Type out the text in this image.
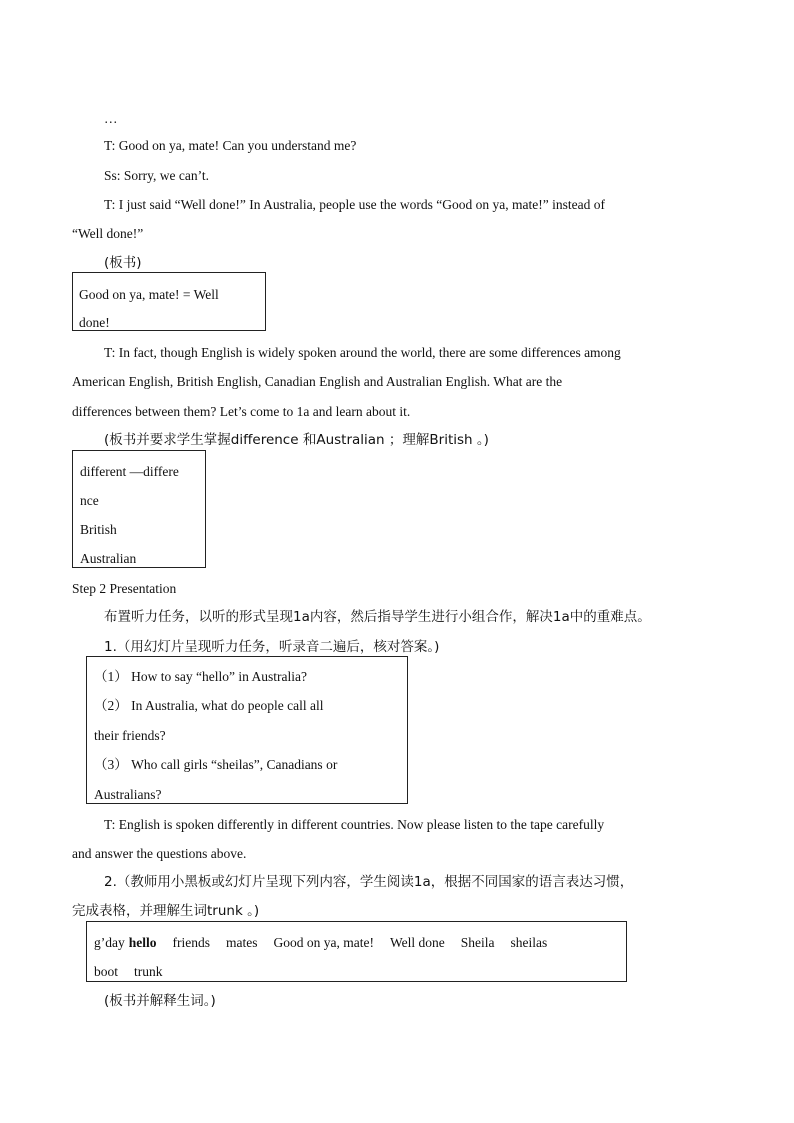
…
T: Good on ya, mate! Can you understand me?
Ss: Sorry, we can’t.
T: I just said “Well done!” In Australia, people use the words “Good on ya, mate!” instead of
“Well done!”
(板书)
Good on ya, mate! = Well
done!
T: In fact, though English is widely spoken around the world, there are some differences among
American English, British English, Canadian English and Australian English. What are the
differences between them? Let’s come to 1a and learn about it.
(板书并要求学生掌握difference 和Australian ；理解British 。)
different —differe
nce
British
Australian
Step 2 Presentation
布置听力任务，以听的形式呈现1a内容，然后指导学生进行小组合作，解决1a中的重难点。
1.（用幻灯片呈现听力任务，听录音二遍后，核对答案。)
（1） How to say “hello” in Australia?
（2） In Australia, what do people call all
their friends?
（3） Who call girls “sheilas”, Canadians or
Australians?
T: English is spoken differently in different countries. Now please listen to the tape carefully
and answer the questions above.
2.（教师用小黑板或幻灯片呈现下列内容，学生阅读1a，根据不同国家的语言表达习惯，
完成表格，并理解生词trunk 。)
g’day hello friends mates Good on ya, mate! Well done Sheila sheilas
boot trunk
(板书并解释生词。)
